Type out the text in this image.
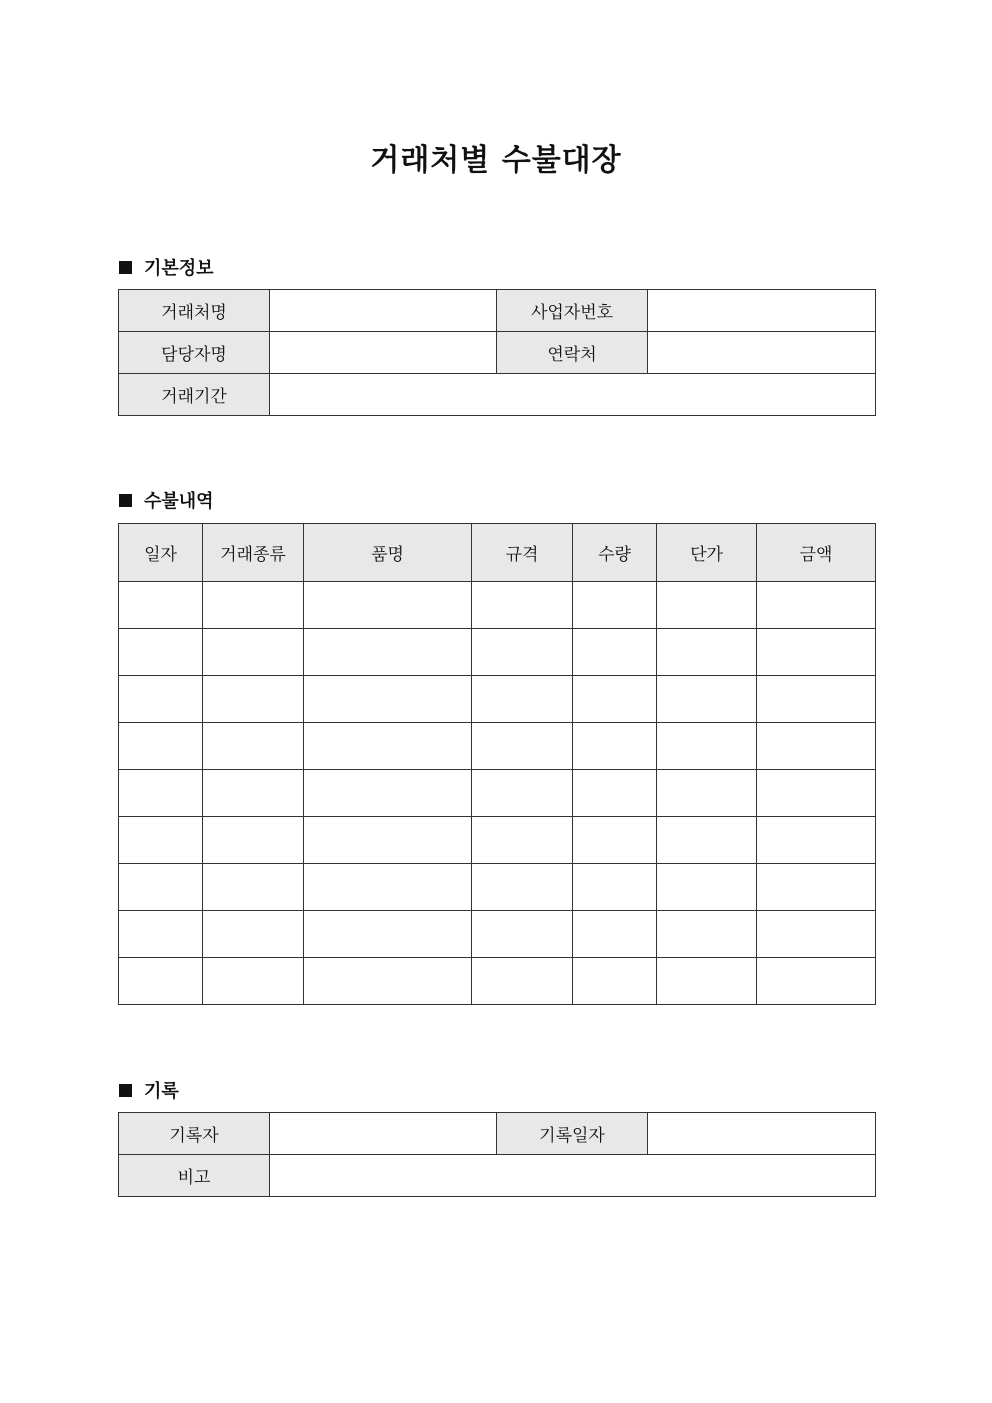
거래처별 수불대장
기본정보
거래처명		사업자번호	
담당자명		연락처	
거래기간			
수불내역
일자	거래종류	품명	규격	수량	단가	금액

기록
기록자		기록일자	
비고			
